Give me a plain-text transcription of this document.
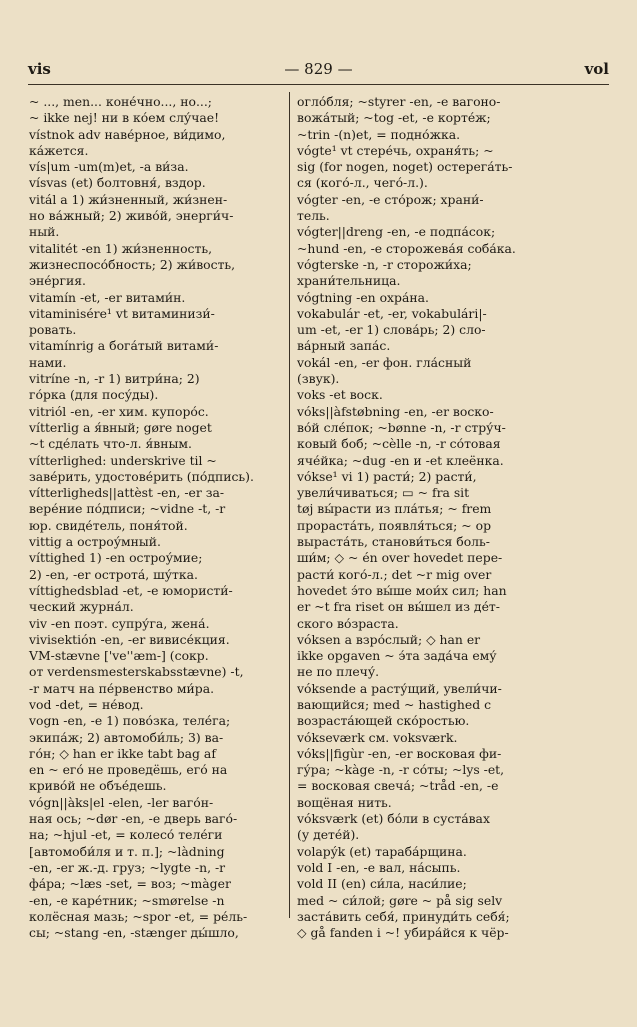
vis	— 829 —	vol
~ ..., men... коне́чно..., но...;
~ ikke nej! ни в ко́ем слу́чае!
vístnok adv наве́рное, ви́димо,
ка́жется.
vís|um -um(m)et, -a ви́за.
vísvas (et) болтовня́, вздор.
vitál a 1) жи́зненный, жи́знен-
но ва́жный; 2) живо́й, энерги́ч-
ный.
vitalitét -en 1) жи́зненность,
жизнеспосо́бность; 2) жи́вость,
эне́ргия.
vitamín -et, -er витами́н.
vitaminisére¹ vt витаминизи́-
ровать.
vitamínrig a бога́тый витами́-
нами.
vitríne -n, -r 1) витри́на; 2)
го́рка (для посу́ды).
vitriól -en, -er хим. купоро́с.
vítterlig a я́вный; gøre noget
~t сде́лать что-л. я́вным.
vítterlighed: underskrive til ~
заве́рить, удостове́рить (по́дпись).
vítterligheds||attèst -en, -er за-
вере́ние по́дписи; ~vidne -t, -r
юр. свиде́тель, поня́той.
vittig a остроу́мный.
víttighed 1) -en остроу́мие;
2) -en, -er острота́, шу́тка.
víttighedsblad -et, -e юмористи́-
ческий журна́л.
viv -en поэт. супру́га, жена́.
vivisektión -en, -er вивисе́кция.
VM-stævne ['ve''æm-] (сокр.
от verdensmesterskabsstævne) -t,
-r матч на пе́рвенство ми́ра.
vod -det, = не́вод.
vogn -en, -e 1) пово́зка, теле́га;
экипа́ж; 2) автомоби́ль; 3) ва-
го́н; ◇ han er ikke tabt bag af
en ~ его́ не проведёшь, его́ на
криво́й не объе́дешь.
vógn||àks|el -elen, -ler ваго́н-
ная ось; ~dør -en, -e дверь ваго́-
на; ~hjul -et, = колесо́ теле́ги
[автомоби́ля и т. п.]; ~làdning
-en, -er ж.-д. груз; ~lygte -n, -r
фа́ра; ~læs -set, = воз; ~màger
-en, -e каре́тник; ~smørelse -n
колёсная мазь; ~spor -et, = ре́ль-
сы; ~stang -en, -stænger ды́шло,
огло́бля; ~styrer -en, -e вагоно-
вожа́тый; ~tog -et, -e корте́ж;
~trin -(n)et, = подно́жка.
vógte¹ vt стере́чь, охраня́ть; ~
sig (for nogen, noget) остерега́ть-
ся (кого́-л., чего́-л.).
vógter -en, -e сто́рож; храни́-
тель.
vógter||dreng -en, -e подпа́сок;
~hund -en, -e сторожева́я соба́ка.
vógterske -n, -r сторожи́ха;
храни́тельница.
vógtning -en охра́на.
vokabulár -et, -er, vokabulári|-
um -et, -er 1) слова́рь; 2) сло-
ва́рный запа́с.
vokál -en, -er фон. гла́сный
(звук).
voks -et воск.
vóks||àfstøbning -en, -er воско-
во́й сле́пок; ~bønne -n, -r стру́ч-
ковый боб; ~cèlle -n, -r со́товая
яче́йка; ~dug -en и -et клеёнка.
vókse¹ vi 1) расти́; 2) расти́,
увели́чиваться; ▭ ~ fra sit
tøj вы́расти из пла́тья; ~ frem
прораста́ть, появля́ться; ~ op
выраста́ть, станови́ться боль-
ши́м; ◇ ~ én over hovedet пере-
расти́ кого́-л.; det ~r mig over
hovedet э́то вы́ше мои́х сил; han
er ~t fra riset он вы́шел из де́т-
ского во́зраста.
vóksen a взро́слый; ◇ han er
ikke opgaven ~ э́та зада́ча ему́
не по плечу́.
vóksende a расту́щий, увели́чи-
вающийся; med ~ hastighed с
возраста́ющей ско́ростью.
vókseværk см. voksværk.
vóks||figùr -en, -er восковая фи-
гу́ра; ~kàge -n, -r со́ты; ~lys -et,
= восковая свеча́; ~tråd -en, -e
вощёная нить.
vóksværk (et) бо́ли в суста́вах
(у дете́й).
volapýk (et) тараба́рщина.
vold I -en, -e вал, на́сыпь.
vold II (en) си́ла, наси́лие;
med ~ си́лой; gøre ~ på sig selv
заста́вить себя́, принуди́ть себя́;
◇ gå fanden i ~! убира́йся к чёр-
